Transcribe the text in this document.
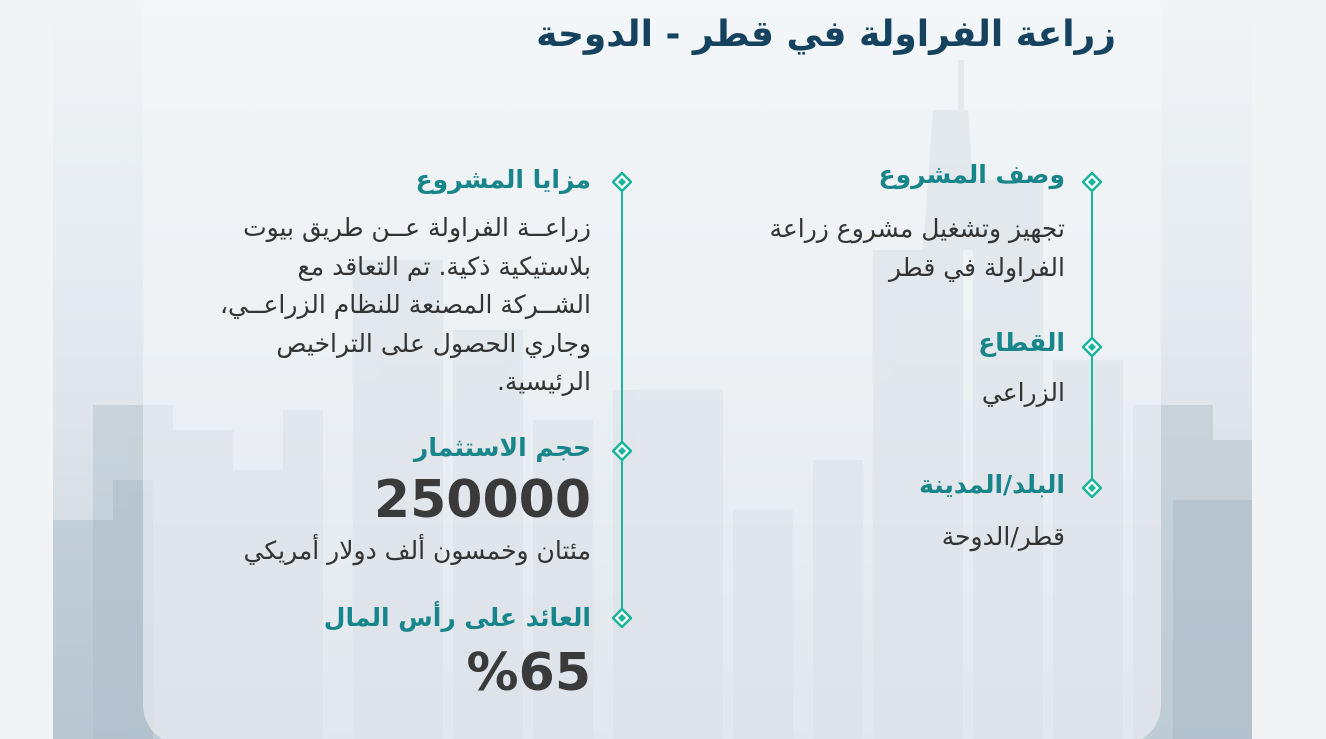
زراعة الفراولة في قطر - الدوحة
وصف المشروع

تجهيز وتشغيل مشروع زراعة الفراولة في قطر

القطاع

الزراعي

البلد/المدينة

قطر/الدوحة

مزايا المشروع

زراعــة الفراولة عــن طريق بيوت بلاستيكية ذكية. تم التعاقد مع الشــركة المصنعة للنظام الزراعــي، وجاري الحصول على التراخيص الرئيسية.

حجم الاستثمار

250000

مئتان وخمسون ألف دولار أمريكي

العائد على رأس المال

%65
